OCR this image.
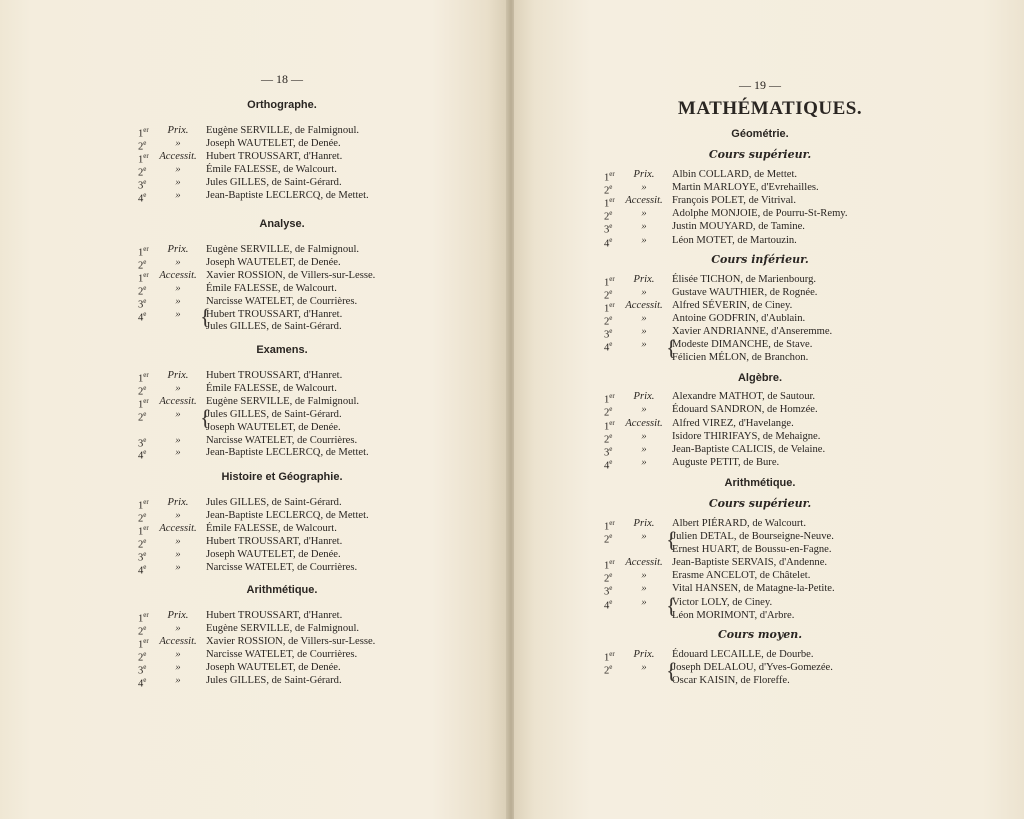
— 18 —
Orthographe.
1er	Prix.	Eugène SERVILLE, de Falmignoul.
2e	»	Joseph WAUTELET, de Denée.
1er Accessit. Hubert TROUSSART, d'Hanret.
2e	»	Émile FALESSE, de Walcourt.
3e	»	Jules GILLES, de Saint-Gérard.
4e	»	Jean-Baptiste LECLERCQ, de Mettet.
Analyse.
1er	Prix.	Eugène SERVILLE, de Falmignoul.
2e	»	Joseph WAUTELET, de Denée.
1er Accessit. Xavier ROSSION, de Villers-sur-Lesse.
2e	»	Émile FALESSE, de Walcourt.
3e	»	Narcisse WATELET, de Courrières.
4e	»	Hubert TROUSSART, d'Hanret.
Jules GILLES, de Saint-Gérard.
{
Examens.
1er	Prix.	Hubert TROUSSART, d'Hanret.
2e	»	Émile FALESSE, de Walcourt.
1er Accessit. Eugène SERVILLE, de Falmignoul.
2e	»	Jules GILLES, de Saint-Gérard.
Joseph WAUTELET, de Denée.
{
3e	»	Narcisse WATELET, de Courrières.
4e	»	Jean-Baptiste LECLERCQ, de Mettet.
Histoire et Géographie.
1er	Prix.	Jules GILLES, de Saint-Gérard.
2e	»	Jean-Baptiste LECLERCQ, de Mettet.
1er Accessit. Émile FALESSE, de Walcourt.
2e	»	Hubert TROUSSART, d'Hanret.
3e	»	Joseph WAUTELET, de Denée.
4e	»	Narcisse WATELET, de Courrières.
Arithmétique.
1er	Prix.	Hubert TROUSSART, d'Hanret.
2e	»	Eugène SERVILLE, de Falmignoul.
1er Accessit. Xavier ROSSION, de Villers-sur-Lesse.
2e	»	Narcisse WATELET, de Courrières.
3e	»	Joseph WAUTELET, de Denée.
4e	»	Jules GILLES, de Saint-Gérard.
— 19 —
MATHÉMATIQUES.
Géométrie.
Cours supérieur.
1er	Prix.	Albin COLLARD, de Mettet.
2e	»	Martin MARLOYE, d'Evrehailles.
1er Accessit. François POLET, de Vitrival.
2e	»	Adolphe MONJOIE, de Pourru-St-Remy.
3e	»	Justin MOUYARD, de Tamine.
4e	»	Léon MOTET, de Martouzin.
Cours inférieur.
1er	Prix.	Élisée TICHON, de Marienbourg.
2e	»	Gustave WAUTHIER, de Rognée.
1er Accessit. Alfred SÉVERIN, de Ciney.
2e	»	Antoine GODFRIN, d'Aublain.
3e	»	Xavier ANDRIANNE, d'Anseremme.
4e	»	Modeste DIMANCHE, de Stave.
Félicien MÉLON, de Branchon.
{
Algèbre.
1er	Prix.	Alexandre MATHOT, de Sautour.
2e	»	Édouard SANDRON, de Homzée.
1er Accessit. Alfred VIREZ, d'Havelange.
2e	»	Isidore THIRIFAYS, de Mehaigne.
3e	»	Jean-Baptiste CALICIS, de Velaine.
4e	»	Auguste PETIT, de Bure.
Arithmétique.
Cours supérieur.
1er	Prix.	Albert PIÉRARD, de Walcourt.
2e	»	Julien DETAL, de Bourseigne-Neuve.
Ernest HUART, de Boussu-en-Fagne.
{
1er Accessit. Jean-Baptiste SERVAIS, d'Andenne.
2e	»	Erasme ANCELOT, de Châtelet.
3e	»	Vital HANSEN, de Matagne-la-Petite.
4e	»	Victor LOLY, de Ciney.
Léon MORIMONT, d'Arbre.
{
Cours moyen.
1er	Prix.	Édouard LECAILLE, de Dourbe.
2e	»	Joseph DELALOU, d'Yves-Gomezée.
Oscar KAISIN, de Floreffe.
{
